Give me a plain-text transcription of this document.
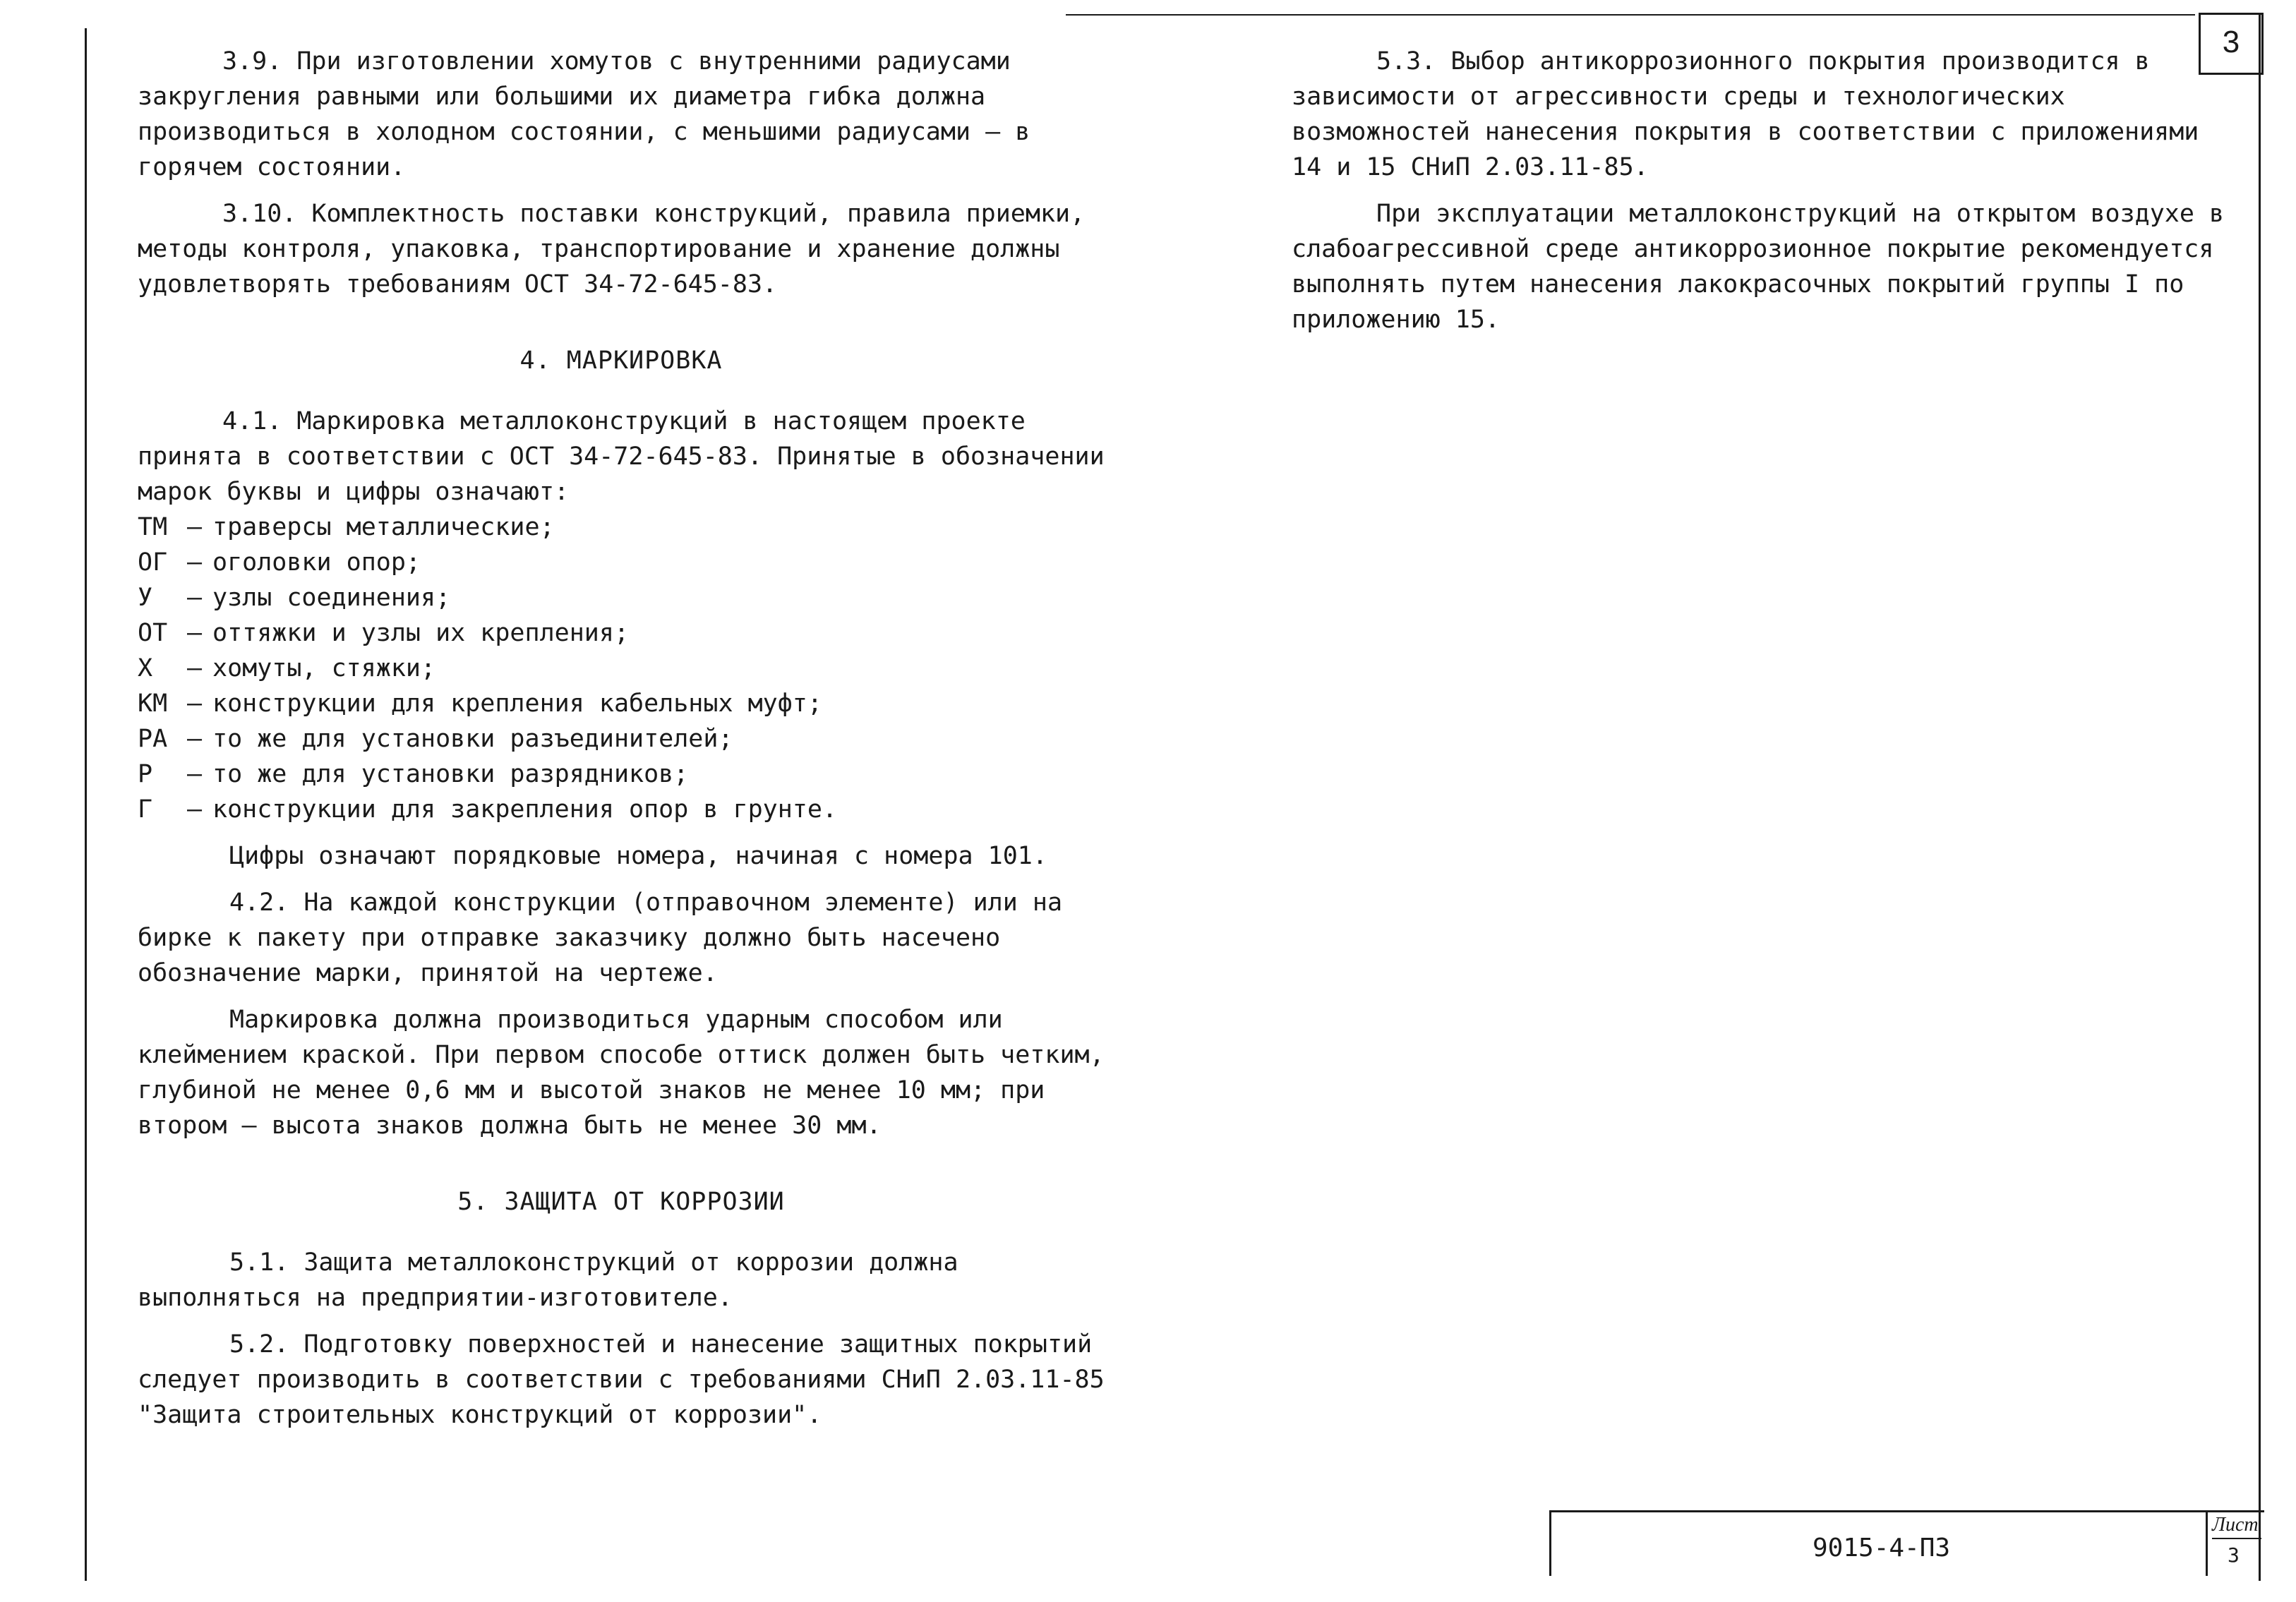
3

3.9. При изготовлении хомутов с внутренними радиусами закругления равными или большими их диаметра гибка должна производиться в холодном состоянии, с меньшими радиусами – в горячем состоянии.

3.10. Комплектность поставки конструкций, правила приемки, методы контроля, упаковка, транспортирование и хранение должны удовлетворять требованиям ОСТ 34-72-645-83.

4. МАРКИРОВКА

4.1. Маркировка металлоконструкций в настоящем проекте принята в соответствии с ОСТ 34-72-645-83. Принятые в обозначении марок буквы и цифры означают:

ТМ – траверсы металлические;
ОГ – оголовки опор;
У	– узлы соединения;
ОТ – оттяжки и узлы их крепления;
Х	– хомуты, стяжки;
КМ – конструкции для крепления кабельных муфт;
РА – то же для установки разъединителей;
Р	– то же для установки разрядников;
Г	– конструкции для закрепления опор в грунте.

Цифры означают порядковые номера, начиная с номера 101.

4.2. На каждой конструкции (отправочном элементе) или на бирке к пакету при отправке заказчику должно быть насечено обозначение марки, принятой на чертеже.

Маркировка должна производиться ударным способом или клеймением краской. При первом способе оттиск должен быть четким, глубиной не менее 0,6 мм и высотой знаков не менее 10 мм; при втором – высота знаков должна быть не менее 30 мм.

5. ЗАЩИТА ОТ КОРРОЗИИ

5.1. Защита металлоконструкций от коррозии должна выполняться на предприятии-изготовителе.

5.2. Подготовку поверхностей и нанесение защитных покрытий следует производить в соответствии с требованиями СНиП 2.03.11-85 "Защита строительных конструкций от коррозии".

5.3. Выбор антикоррозионного покрытия производится в зависимости от агрессивности среды и технологических возможностей нанесения покрытия в соответствии с приложениями 14 и 15 СНиП 2.03.11-85.

При эксплуатации металлоконструкций на открытом воздухе в слабоагрессивной среде антикоррозионное покрытие рекомендуется выполнять путем нанесения лакокрасочных покрытий группы I по приложению 15.

9015-4-ПЗ
Лист
3
